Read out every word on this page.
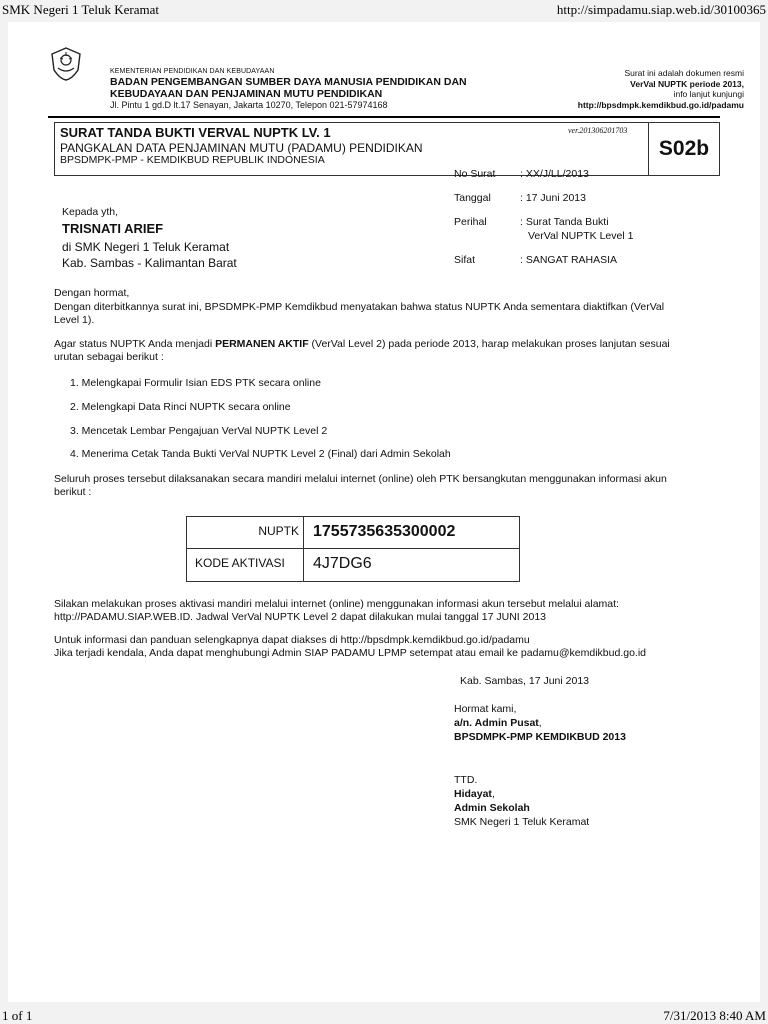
SMK Negeri 1 Teluk Keramat	http://simpadamu.siap.web.id/30100365
KEMENTERIAN PENDIDIKAN DAN KEBUDAYAAN
BADAN PENGEMBANGAN SUMBER DAYA MANUSIA PENDIDIKAN DAN
KEBUDAYAAN DAN PENJAMINAN MUTU PENDIDIKAN
Jl. Pintu 1 gd.D lt.17 Senayan, Jakarta 10270, Telepon 021-57974168
Surat ini adalah dokumen resmi
VerVal NUPTK periode 2013,
info lanjut kunjungi
http://bpsdmpk.kemdikbud.go.id/padamu
SURAT TANDA BUKTI VERVAL NUPTK LV. 1
PANGKALAN DATA PENJAMINAN MUTU (PADAMU) PENDIDIKAN
BPSDMPK-PMP - KEMDIKBUD REPUBLIK INDONESIA
ver.201306201703
S02b
Kepada yth,
TRISNATI ARIEF
di SMK Negeri 1 Teluk Keramat
Kab. Sambas - Kalimantan Barat
No Surat	: XX/J/LL/2013
Tanggal	: 17 Juni 2013
Perihal	: Surat Tanda Bukti
VerVal NUPTK Level 1
Sifat	: SANGAT RAHASIA
Dengan hormat,
Dengan diterbitkannya surat ini, BPSDMPK-PMP Kemdikbud menyatakan bahwa status NUPTK Anda sementara diaktifkan (VerVal
Level 1).
Agar status NUPTK Anda menjadi PERMANEN AKTIF (VerVal Level 2) pada periode 2013, harap melakukan proses lanjutan sesuai
urutan sebagai berikut :
1. Melengkapai Formulir Isian EDS PTK secara online
2. Melengkapi Data Rinci NUPTK secara online
3. Mencetak Lembar Pengajuan VerVal NUPTK Level 2
4. Menerima Cetak Tanda Bukti VerVal NUPTK Level 2 (Final) dari Admin Sekolah
Seluruh proses tersebut dilaksanakan secara mandiri melalui internet (online) oleh PTK bersangkutan menggunakan informasi akun
berikut :
NUPTK 1755735635300002
KODE AKTIVASI 4J7DG6
Silakan melakukan proses aktivasi mandiri melalui internet (online) menggunakan informasi akun tersebut melalui alamat:
http://PADAMU.SIAP.WEB.ID. Jadwal VerVal NUPTK Level 2 dapat dilakukan mulai tanggal 17 JUNI 2013
Untuk informasi dan panduan selengkapnya dapat diakses di http://bpsdmpk.kemdikbud.go.id/padamu
Jika terjadi kendala, Anda dapat menghubungi Admin SIAP PADAMU LPMP setempat atau email ke padamu@kemdikbud.go.id
Kab. Sambas, 17 Juni 2013
Hormat kami,
a/n. Admin Pusat,
BPSDMPK-PMP KEMDIKBUD 2013
TTD.
Hidayat,
Admin Sekolah
SMK Negeri 1 Teluk Keramat
1 of 1	7/31/2013 8:40 AM
